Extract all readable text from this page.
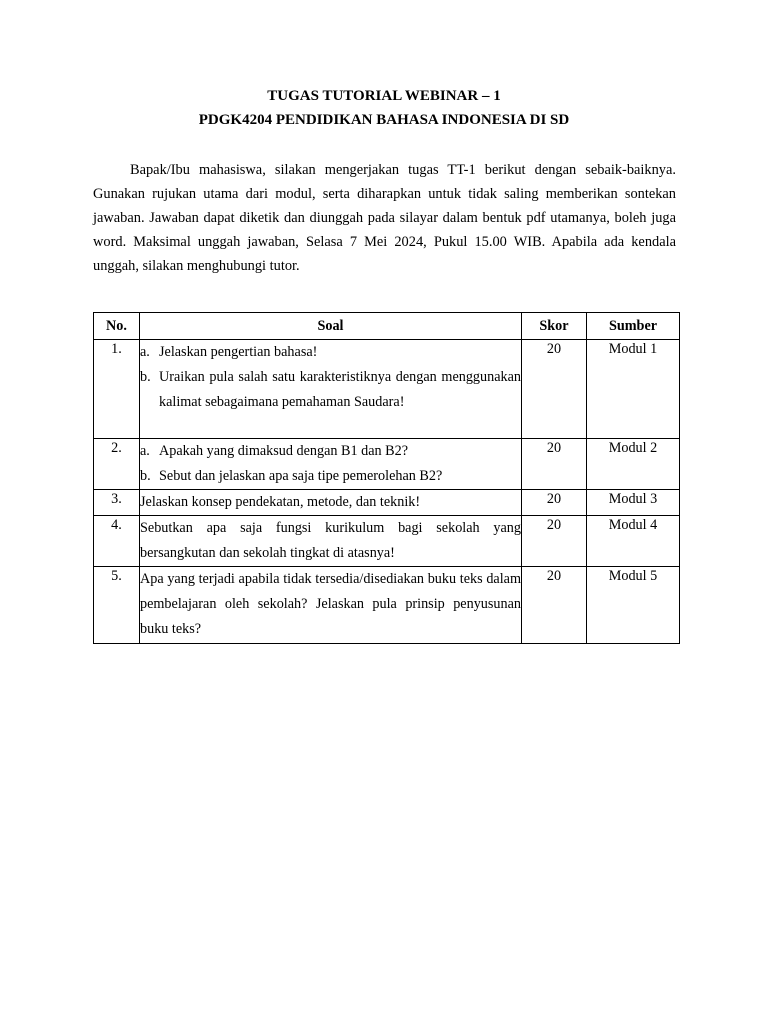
TUGAS TUTORIAL WEBINAR – 1
PDGK4204 PENDIDIKAN BAHASA INDONESIA DI SD

Bapak/Ibu mahasiswa, silakan mengerjakan tugas TT-1 berikut dengan sebaik-baiknya. Gunakan rujukan utama dari modul, serta diharapkan untuk tidak saling memberikan sontekan jawaban. Jawaban dapat diketik dan diunggah pada silayar dalam bentuk pdf utamanya, boleh juga word. Maksimal unggah jawaban, Selasa 7 Mei 2024, Pukul 15.00 WIB. Apabila ada kendala unggah, silakan menghubungi tutor.

No.	Soal	Skor	Sumber
1.	a. Jelaskan pengertian bahasa!
b. Uraikan pula salah satu karakteristiknya dengan menggunakan kalimat sebagaimana pemahaman Saudara!	20	Modul 1
2.	a. Apakah yang dimaksud dengan B1 dan B2?
b. Sebut dan jelaskan apa saja tipe pemerolehan B2?	20	Modul 2
3.	Jelaskan konsep pendekatan, metode, dan teknik!	20	Modul 3
4.	Sebutkan apa saja fungsi kurikulum bagi sekolah yang bersangkutan dan sekolah tingkat di atasnya!	20	Modul 4
5.	Apa yang terjadi apabila tidak tersedia/disediakan buku teks dalam pembelajaran oleh sekolah? Jelaskan pula prinsip penyusunan buku teks?	20	Modul 5
